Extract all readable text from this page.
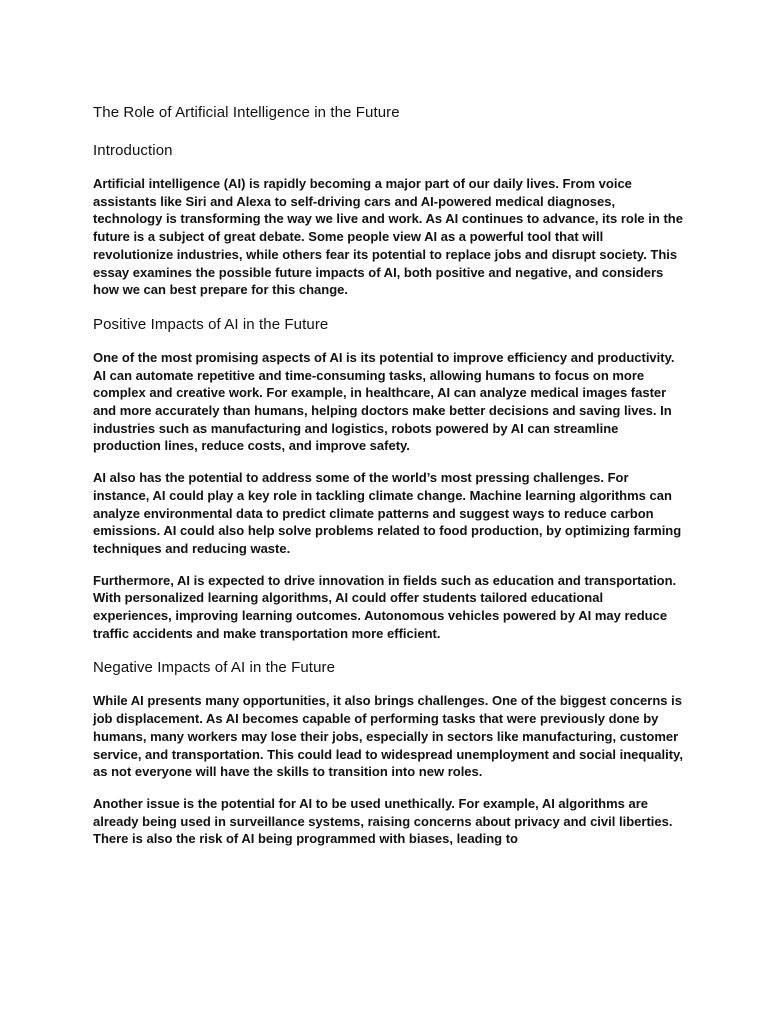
The Role of Artificial Intelligence in the Future
Introduction

Artificial intelligence (AI) is rapidly becoming a major part of our daily lives. From voice assistants like Siri and Alexa to self-driving cars and AI-powered medical diagnoses, technology is transforming the way we live and work. As AI continues to advance, its role in the future is a subject of great debate. Some people view AI as a powerful tool that will revolutionize industries, while others fear its potential to replace jobs and disrupt society. This essay examines the possible future impacts of AI, both positive and negative, and considers how we can best prepare for this change.

Positive Impacts of AI in the Future

One of the most promising aspects of AI is its potential to improve efficiency and productivity. AI can automate repetitive and time-consuming tasks, allowing humans to focus on more complex and creative work. For example, in healthcare, AI can analyze medical images faster and more accurately than humans, helping doctors make better decisions and saving lives. In industries such as manufacturing and logistics, robots powered by AI can streamline production lines, reduce costs, and improve safety.

AI also has the potential to address some of the world’s most pressing challenges. For instance, AI could play a key role in tackling climate change. Machine learning algorithms can analyze environmental data to predict climate patterns and suggest ways to reduce carbon emissions. AI could also help solve problems related to food production, by optimizing farming techniques and reducing waste.

Furthermore, AI is expected to drive innovation in fields such as education and transportation. With personalized learning algorithms, AI could offer students tailored educational experiences, improving learning outcomes. Autonomous vehicles powered by AI may reduce traffic accidents and make transportation more efficient.

Negative Impacts of AI in the Future

While AI presents many opportunities, it also brings challenges. One of the biggest concerns is job displacement. As AI becomes capable of performing tasks that were previously done by humans, many workers may lose their jobs, especially in sectors like manufacturing, customer service, and transportation. This could lead to widespread unemployment and social inequality, as not everyone will have the skills to transition into new roles.

Another issue is the potential for AI to be used unethically. For example, AI algorithms are already being used in surveillance systems, raising concerns about privacy and civil liberties. There is also the risk of AI being programmed with biases, leading to
